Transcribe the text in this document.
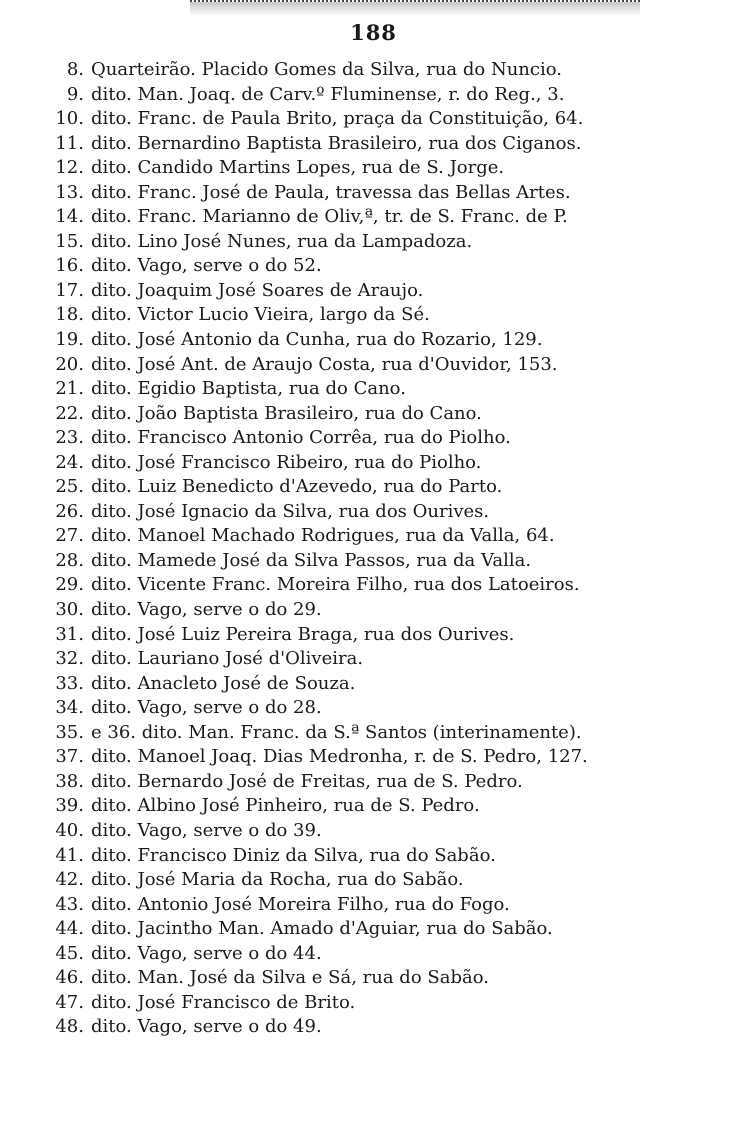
188
8. Quarteirão. Placido Gomes da Silva, rua do Nuncio.
9. dito. Man. Joaq. de Carv.º Fluminense, r. do Reg., 3.
10. dito. Franc. de Paula Brito, praça da Constituição, 64.
11. dito. Bernardino Baptista Brasileiro, rua dos Ciganos.
12. dito. Candido Martins Lopes, rua de S. Jorge.
13. dito. Franc. José de Paula, travessa das Bellas Artes.
14. dito. Franc. Marianno de Oliv,ª, tr. de S. Franc. de P.
15. dito. Lino José Nunes, rua da Lampadoza.
16. dito. Vago, serve o do 52.
17. dito. Joaquim José Soares de Araujo.
18. dito. Victor Lucio Vieira, largo da Sé.
19. dito. José Antonio da Cunha, rua do Rozario, 129.
20. dito. José Ant. de Araujo Costa, rua d'Ouvidor, 153.
21. dito. Egidio Baptista, rua do Cano.
22. dito. João Baptista Brasileiro, rua do Cano.
23. dito. Francisco Antonio Corrêa, rua do Piolho.
24. dito. José Francisco Ribeiro, rua do Piolho.
25. dito. Luiz Benedicto d'Azevedo, rua do Parto.
26. dito. José Ignacio da Silva, rua dos Ourives.
27. dito. Manoel Machado Rodrigues, rua da Valla, 64.
28. dito. Mamede José da Silva Passos, rua da Valla.
29. dito. Vicente Franc. Moreira Filho, rua dos Latoeiros.
30. dito. Vago, serve o do 29.
31. dito. José Luiz Pereira Braga, rua dos Ourives.
32. dito. Lauriano José d'Oliveira.
33. dito. Anacleto José de Souza.
34. dito. Vago, serve o do 28.
35. e 36. dito. Man. Franc. da S.ª Santos (interinamente).
37. dito. Manoel Joaq. Dias Medronha, r. de S. Pedro, 127.
38. dito. Bernardo José de Freitas, rua de S. Pedro.
39. dito. Albino José Pinheiro, rua de S. Pedro.
40. dito. Vago, serve o do 39.
41. dito. Francisco Diniz da Silva, rua do Sabão.
42. dito. José Maria da Rocha, rua do Sabão.
43. dito. Antonio José Moreira Filho, rua do Fogo.
44. dito. Jacintho Man. Amado d'Aguiar, rua do Sabão.
45. dito. Vago, serve o do 44.
46. dito. Man. José da Silva e Sá, rua do Sabão.
47. dito. José Francisco de Brito.
48. dito. Vago, serve o do 49.
